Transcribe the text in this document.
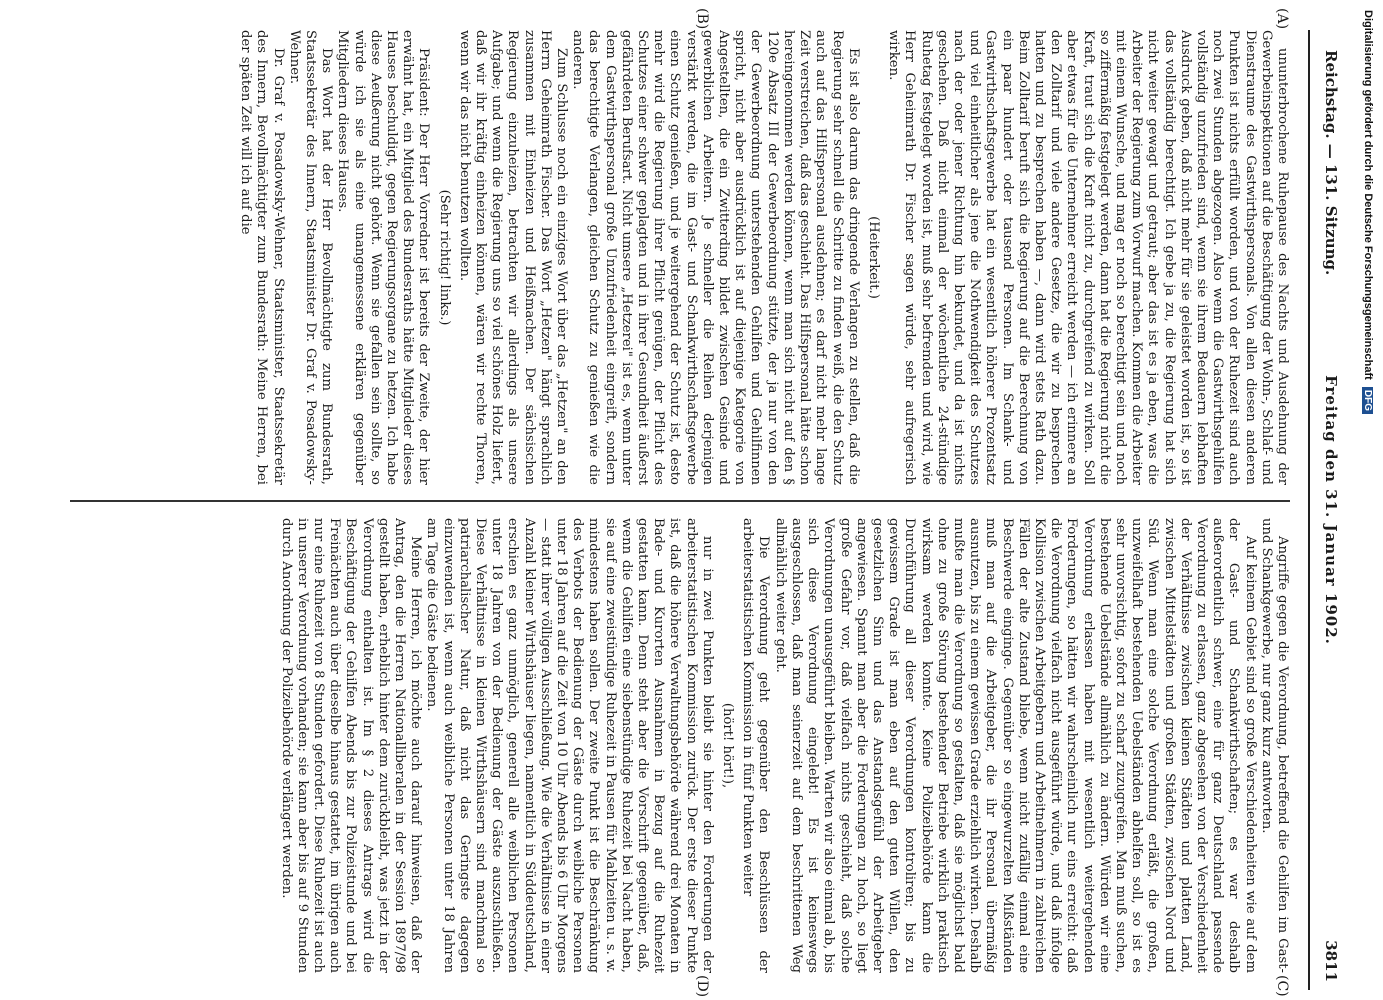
Reichstag. — 131. Sitzung.
Freitag den 31. Januar 1902.
3811
(A)
(B)
(C)
(D)

ununterbrochene Ruhepause des Nachts und Ausdehnung der Gewerbeinspektionen auf die Beschäftigung der Wohn-, Schlaf- und Dienstraume des Gastwirthspersonals. Von allen diesen anderen Punkten ist nichts erfüllt worden, und von der Ruhezeit sind auch noch zwei Stunden abgezogen. Also wenn die Gastwirthsgehilfen vollständig unzufrieden sind, wenn sie ihrem Bedauern lebhaften Ausdruck geben, daß nicht mehr für sie geleistet worden ist, so ist das vollständig berechtigt. Ich gebe ja zu, die Regierung hat sich nicht weiter gewagt und getraut; aber das ist es ja eben, was die Arbeiter der Regierung zum Vorwurf machen. Kommen die Arbeiter mit einem Wunsche, und mag er noch so berechtigt sein und noch so ziffermäßig festgelegt werden, dann hat die Regierung nicht die Kraft, traut sich die Kraft nicht zu, durchgreifend zu wirken. Soll aber etwas für die Unternehmer erreicht werden — ich erinnere an den Zolltarif und viele andere Gesetze, die wir zu besprechen hatten und zu besprechen haben —, dann wird stets Rath dazu. Beim Zolltarif beruft sich die Regierung auf die Berechnung von ein paar hundert oder tausend Personen. Im Schank- und Gastwirthschaftsgewerbe hat ein wesentlich höherer Prozentsatz und viel einheitlicher als jene die Nothwendigkeit des Schutzes nach der oder jener Richtung hin bekundet, und da ist nichts geschehen. Daß nicht einmal der wöchentliche 24-stündige Ruhetag festgelegt worden ist, muß sehr befremden und wird, wie Herr Geheimrath Dr. Fischer sagen würde, sehr aufregerisch wirken.

(Heiterkeit.)

Es ist also darum das dringende Verlangen zu stellen, daß die Regierung sehr schnell die Schritte zu finden weiß, die den Schutz auch auf das Hilfspersonal ausdehnen; es darf nicht mehr lange Zeit verstreichen, daß das geschieht. Das Hilfspersonal hätte schon hereingenommen werden können, wenn man sich nicht auf den § 120e Absatz III der Gewerbeordnung stützte, der ja nur von den der Gewerbeordnung unterstehenden Gehilfen und Gehilfinnen spricht, nicht aber ausdrücklich ist auf diejenige Kategorie von Angestellten, die ein Zwitterding bildet zwischen Gesinde und gewerblichen Arbeitern. Je schneller die Reihen derjenigen verstärkt werden, die im Gast- und Schankwirthschaftsgewerbe einen Schutz genießen, und je weitergehend der Schutz ist, desto mehr wird die Regierung ihrer Pflicht genügen, der Pflicht des Schutzes einer schwer geplagten und in ihrer Gesundheit äußerst gefährdeten Berufsart. Nicht umsere „Hetzerei" ist es, wenn unter dem Gastwirthspersonal große Unzufriedenheit eingreift, sondern das berechtigte Verlangen, gleichen Schutz zu genießen wie die anderen.

Zum Schlusse noch ein einziges Wort über das „Hetzen" an den Herrn Geheimrath Fischer. Das Wort „Hetzen" hängt sprachlich zusammen mit Einheizen und Heißmachen. Der sächsischen Regierung einzuheizen, betrachten wir allerdings als unsere Aufgabe; und wenn die Regierung uns so viel schönes Holz liefert, daß wir ihr kräftig einheizen können, wären wir rechte Thoren, wenn wir das nicht benutzen wollten.

(Sehr richtig! links.)

Präsident: Der Herr Vorredner ist bereits der Zweite, der hier erwähnt hat, ein Mitglied des Bundesraths hätte Mitglieder dieses Hauses beschuldigt, gegen Regierungsorgane zu hetzen. Ich habe diese Aeußerung nicht gehört. Wenn sie gefallen sein sollte, so würde ich sie als eine unangemessene erklären gegenüber Mitgliedern dieses Hauses.

Das Wort hat der Herr Bevollmächtigte zum Bundesrath, Staatssekretär des Innern, Staatsminister Dr. Graf v. Posadowsky-Wehner.

Dr. Graf v. Posadowsky-Wehner, Staatsminister, Staatssekretär des Innern, Bevollmächtigter zum Bundesrath: Meine Herren, bei der späten Zeit will ich auf die

Angriffe gegen die Verordnung, betreffend die Gehilfen im Gast- und Schankgewerbe, nur ganz kurz antworten.

Auf keinem Gebiet sind so große Verschiedenheiten wie auf dem der Gast- und Schankwirthschaften; es war deshalb außerordentlich schwer, eine für ganz Deutschland passende Verordnung zu erlassen, ganz abgesehen von der Verschiedenheit der Verhältnisse zwischen kleinen Städten und platten Land, zwischen Mittelstädten und großen Städten, zwischen Nord und Süd. Wenn man eine solche Verordnung erläßt, die großen, unzweifelhaft bestehenden Uebelständen abhelfen soll, so ist es sehr unvorsichtig, sofort zu scharf zuzugreifen. Man muß suchen, bestehende Uebelstände allmählich zu ändern. Würden wir eine Verordnung erlassen haben mit wesentlich weitergehenden Forderungen, so hätten wir wahrscheinlich nur eins erreicht: daß die Verordnung vielfach nicht ausgeführt würde, und daß infolge Kollision zwischen Arbeitgebern und Arbeitnehmern in zahlreichen Fällen der alte Zustand bliebe, wenn nicht zufällig einmal eine Beschwerde einginge. Gegenüber so eingewurzelten Mißständen muß man auf die Arbeitgeber, die ihr Personal übermäßig ausnutzen, bis zu einem gewissen Grade erziehlich wirken. Deshalb mußte man die Verordnung so gestalten, daß sie möglichst bald ohne zu große Störung bestehender Betriebe wirklich praktisch wirksam werden konnte. Keine Polizeibehörde kann die Durchführung all dieser Verordnungen kontroliren; bis zu gewissem Grade ist man eben auf den guten Willen, den gesetzlichen Sinn und das Anstandsgefühl der Arbeitgeber angewiesen. Spannt man aber die Forderungen zu hoch, so liegt große Gefahr vor, daß vielfach nichts geschieht, daß solche Verordnungen unausgeführt bleiben. Warten wir also einmal ab, bis sich diese Verordnung eingelebt! Es ist keineswegs ausgeschlossen, daß man seinerzeit auf dem beschrittenen Weg allmählich weiter geht.

Die Verordnung geht gegenüber den Beschlüssen der arbeiterstatistischen Kommission in fünf Punkten weiter

(hört! hört!),

nur in zwei Punkten bleibt sie hinter den Forderungen der arbeiterstatistischen Kommission zurück. Der erste dieser Punkte ist, daß die höhere Verwaltungsbehörde während drei Monaten in Bade- und Kurorten Ausnahmen in Bezug auf die Ruhezeit gestatten kann. Denn steht aber die Vorschrift gegenüber, daß, wenn die Gehilfen eine siebenstündige Ruhezeit bei Nacht haben, sie auf eine zweistündige Ruhezeit in Pausen für Mahlzeiten u. s. w. mindestens haben sollen. Der zweite Punkt ist die Beschränkung des Verbots der Bedienung der Gäste durch weibliche Personen unter 18 Jahren auf die Zeit von 10 Uhr Abends bis 6 Uhr Morgens — statt ihrer völligen Ausschließung. Wie die Verhältnisse in einer Anzahl kleiner Wirthshäuser liegen, namentlich in Süddeutschland, erschien es ganz unmöglich, generell alle weiblichen Personen unter 18 Jahren von der Bedienung der Gäste auszuschließen. Diese Verhältnisse in kleinen Wirthshäusern sind manchmal so patriarchalischer Natur, daß nicht das Geringste dagegen einzuwenden ist, wenn auch weibliche Personen unter 18 Jahren am Tage die Gäste bedienen.

Meine Herren, ich möchte auch darauf hinweisen, daß der Antrag, den die Herren Nationalliberalen in der Session 1897/98 gestellt haben, erheblich hinter dem zurückbleibt, was jetzt in der Verordnung enthalten ist. Im § 2 dieses Antrags wird die Beschäftigung der Gehilfen Abends bis zur Polizeistunde und bei Freinächten auch über dieselbe hinaus gestattet, im übrigen auch nur eine Ruhezeit von 8 Stunden gefordert. Diese Ruhezeit ist auch in unserer Verordnung vorhanden; sie kann aber bis auf 9 Stunden durch Anordnung der Polizeibehörde verlängert werden.

Digitalisierung gefördert durch die Deutsche Forschungsgemeinschaft DFG
